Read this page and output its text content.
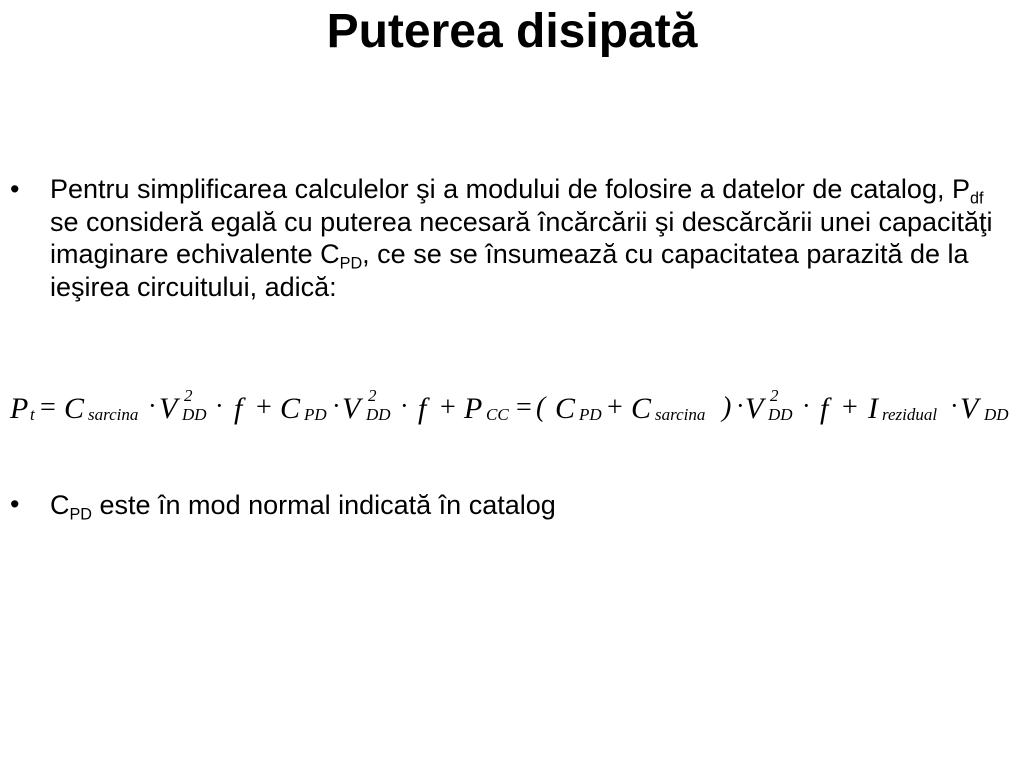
Puterea disipată
•	Pentru simplificarea calculelor şi a modului de folosire a datelor de catalog, $P_{df}$ se consideră egală cu puterea necesară încărcării şi descărcării unei capacităţi imaginare echivalente $C_{PD}$, ce se se însumează cu capacitatea parazită de la ieşirea circuitului, adică:
P t = C sarcina · V 2
DD · f + C PD · V 2
DD · f + P CC = ( C PD + C sarcina ) · V 2
DD · f + I rezidual · V DD
•	$C_{PD}$ este în mod normal indicată în catalog
